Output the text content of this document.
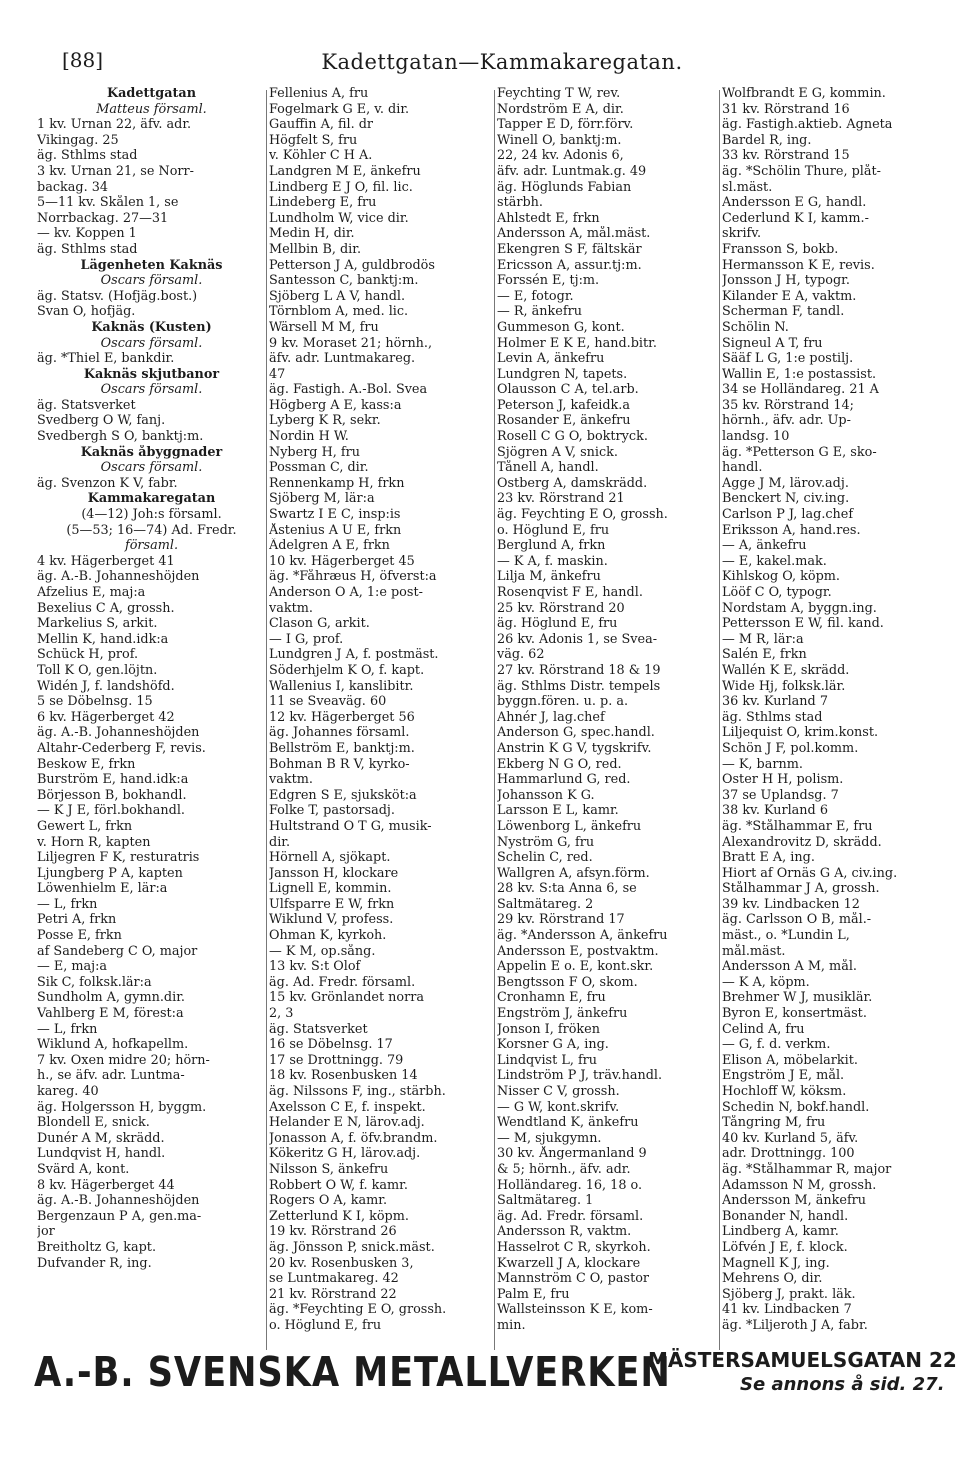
[88]	Kadettgatan—Kammakaregatan.
Kadettgatan
Matteus församl.
1 kv. Urnan 22, äfv. adr.
Vikingag. 25
äg. Sthlms stad
3 kv. Urnan 21, se Norr-
backag. 34
5—11 kv. Skålen 1, se
Norrbackag. 27—31
— kv. Koppen 1
äg. Sthlms stad
Lägenheten Kaknäs
Oscars församl.
äg. Statsv. (Hofjäg.bost.)
Svan O, hofjäg.
Kaknäs (Kusten)
Oscars församl.
äg. *Thiel E, bankdir.
Kaknäs skjutbanor
Oscars församl.
äg. Statsverket
Svedberg O W, fanj.
Svedbergh S O, banktj:m.
Kaknäs åbyggnader
Oscars församl.
äg. Svenzon K V, fabr.
Kammakaregatan
(4—12) Joh:s församl.
(5—53; 16—74) Ad. Fredr.
församl.
4 kv. Hägerberget 41
äg. A.-B. Johanneshöjden
Afzelius E, maj:a
Bexelius C A, grossh.
Markelius S, arkit.
Mellin K, hand.idk:a
Schück H, prof.
Toll K O, gen.löjtn.
Widén J, f. landshöfd.
5 se Döbelnsg. 15
6 kv. Hägerberget 42
äg. A.-B. Johanneshöjden
Altahr-Cederberg F, revis.
Beskow E, frkn
Burström E, hand.idk:a
Börjesson B, bokhandl.
— K J E, förl.bokhandl.
Gewert L, frkn
v. Horn R, kapten
Liljegren F K, resturatris
Ljungberg P A, kapten
Löwenhielm E, lär:a
— L, frkn
Petri A, frkn
Posse E, frkn
af Sandeberg C O, major
— E, maj:a
Sik C, folksk.lär:a
Sundholm A, gymn.dir.
Vahlberg E M, förest:a
— L, frkn
Wiklund A, hofkapellm.
7 kv. Oxen midre 20; hörn-
h., se äfv. adr. Luntma-
kareg. 40
äg. Holgersson H, byggm.
Blondell E, snick.
Dunér A M, skrädd.
Lundqvist H, handl.
Svärd A, kont.
8 kv. Hägerberget 44
äg. A.-B. Johanneshöjden
Bergenzaun P A, gen.ma-
jor
Breitholtz G, kapt.
Dufvander R, ing.
Fellenius A, fru
Fogelmark G E, v. dir.
Gauffin A, fil. dr
Högfelt S, fru
v. Köhler C H A.
Landgren M E, änkefru
Lindberg E J O, fil. lic.
Lindeberg E, fru
Lundholm W, vice dir.
Medin H, dir.
Mellbin B, dir.
Petterson J A, guldbrodös
Santesson C, banktj:m.
Sjöberg L A V, handl.
Törnblom A, med. lic.
Wärsell M M, fru
9 kv. Moraset 21; hörnh.,
äfv. adr. Luntmakareg.
47
äg. Fastigh. A.-Bol. Svea
Högberg A E, kass:a
Lyberg K R, sekr.
Nordin H W.
Nyberg H, fru
Possman C, dir.
Rennenkamp H, frkn
Sjöberg M, lär:a
Swartz I E C, insp:is
Åstenius A U E, frkn
Ädelgren A E, frkn
10 kv. Hägerberget 45
äg. *Fåhræus H, öfverst:a
Anderson O A, 1:e post-
vaktm.
Clason G, arkit.
— I G, prof.
Lundgren J A, f. postmäst.
Söderhjelm K O, f. kapt.
Wallenius I, kanslibitr.
11 se Sveaväg. 60
12 kv. Hägerberget 56
äg. Johannes församl.
Bellström E, banktj:m.
Bohman B R V, kyrko-
vaktm.
Edgren S E, sjuksköt:a
Folke T, pastorsadj.
Hultstrand O T G, musik-
dir.
Hörnell A, sjökapt.
Jansson H, klockare
Lignell E, kommin.
Ulfsparre E W, frkn
Wiklund V, profess.
Öhman K, kyrkoh.
— K M, op.sång.
13 kv. S:t Olof
äg. Ad. Fredr. församl.
15 kv. Grönlandet norra
2, 3
äg. Statsverket
16 se Döbelnsg. 17
17 se Drottningg. 79
18 kv. Rosenbusken 14
äg. Nilssons F, ing., stärbh.
Axelsson C E, f. inspekt.
Helander E N, lärov.adj.
Jonasson A, f. öfv.brandm.
Kökeritz G H, lärov.adj.
Nilsson S, änkefru
Robbert O W, f. kamr.
Rogers O A, kamr.
Zetterlund K I, köpm.
19 kv. Rörstrand 26
äg. Jönsson P, snick.mäst.
20 kv. Rosenbusken 3,
se Luntmakareg. 42
21 kv. Rörstrand 22
äg. *Feychting E O, grossh.
o. Höglund E, fru
Feychting T W, rev.
Nordström E A, dir.
Tapper E D, förr.förv.
Winell O, banktj:m.
22, 24 kv. Adonis 6,
äfv. adr. Luntmak.g. 49
äg. Höglunds Fabian
stärbh.
Ahlstedt E, frkn
Andersson A, mål.mäst.
Ekengren S F, fältskär
Ericsson A, assur.tj:m.
Forssén E, tj:m.
— E, fotogr.
— R, änkefru
Gummeson G, kont.
Holmer E K E, hand.bitr.
Levin A, änkefru
Lundgren N, tapets.
Olausson C A, tel.arb.
Peterson J, kafeidk.a
Rosander E, änkefru
Rosell C G O, boktryck.
Sjögren A V, snick.
Tånell A, handl.
Östberg A, damskrädd.
23 kv. Rörstrand 21
äg. Feychting E O, grossh.
o. Höglund E, fru
Berglund A, frkn
— K A, f. maskin.
Lilja M, änkefru
Rosenqvist F E, handl.
25 kv. Rörstrand 20
äg. Höglund E, fru
26 kv. Adonis 1, se Svea-
väg. 62
27 kv. Rörstrand 18 & 19
äg. Sthlms Distr. tempels
byggn.fören. u. p. a.
Ahnér J, lag.chef
Anderson G, spec.handl.
Anstrin K G V, tygskrifv.
Ekberg N G O, red.
Hammarlund G, red.
Johansson K G.
Larsson E L, kamr.
Löwenborg L, änkefru
Nyström G, fru
Schelin C, red.
Wallgren A, afsyn.förm.
28 kv. S:ta Anna 6, se
Saltmätareg. 2
29 kv. Rörstrand 17
äg. *Andersson A, änkefru
Andersson E, postvaktm.
Appelin E o. E, kont.skr.
Bengtsson F O, skom.
Cronhamn E, fru
Engström J, änkefru
Jonson I, fröken
Korsner G A, ing.
Lindqvist L, fru
Lindström P J, träv.handl.
Nisser C V, grossh.
— G W, kont.skrifv.
Wendtland K, änkefru
— M, sjukgymn.
30 kv. Ångermanland 9
& 5; hörnh., äfv. adr.
Holländareg. 16, 18 o.
Saltmätareg. 1
äg. Ad. Fredr. församl.
Andersson R, vaktm.
Hasselrot C R, skyrkoh.
Kwarzell J A, klockare
Mannström C O, pastor
Palm E, fru
Wallsteinsson K E, kom-
min.
Wolfbrandt E G, kommin.
31 kv. Rörstrand 16
äg. Fastigh.aktieb. Agneta
Bardel R, ing.
33 kv. Rörstrand 15
äg. *Schölin Thure, plåt-
sl.mäst.
Andersson E G, handl.
Cederlund K I, kamm.-
skrifv.
Fransson S, bokb.
Hermansson K E, revis.
Jonsson J H, typogr.
Kilander E A, vaktm.
Scherman F, tandl.
Schölin N.
Signeul A T, fru
Sääf L G, 1:e postilj.
Wallin E, 1:e postassist.
34 se Holländareg. 21 A
35 kv. Rörstrand 14;
hörnh., äfv. adr. Up-
landsg. 10
äg. *Petterson G E, sko-
handl.
Agge J M, lärov.adj.
Benckert N, civ.ing.
Carlson P J, lag.chef
Eriksson A, hand.res.
— A, änkefru
— E, kakel.mak.
Kihlskog O, köpm.
Lööf C O, typogr.
Nordstam A, byggn.ing.
Pettersson E W, fil. kand.
— M R, lär:a
Salén E, frkn
Wallén K E, skrädd.
Wide Hj, folksk.lär.
36 kv. Kurland 7
äg. Sthlms stad
Liljequist O, krim.konst.
Schön J F, pol.komm.
— K, barnm.
Öster H H, polism.
37 se Uplandsg. 7
38 kv. Kurland 6
äg. *Stålhammar E, fru
Alexandrovitz D, skrädd.
Bratt E A, ing.
Hiort af Ornäs G A, civ.ing.
Stålhammar J A, grossh.
39 kv. Lindbacken 12
äg. Carlsson O B, mål.-
mäst., o. *Lundin L,
mål.mäst.
Andersson A M, mål.
— K A, köpm.
Brehmer W J, musiklär.
Byron E, konsertmäst.
Celind A, fru
— G, f. d. verkm.
Elison A, möbelarkit.
Engström J E, mål.
Hochloff W, köksm.
Schedin N, bokf.handl.
Tångring M, fru
40 kv. Kurland 5, äfv.
adr. Drottningg. 100
äg. *Stålhammar R, major
Adamsson N M, grossh.
Andersson M, änkefru
Bonander N, handl.
Lindberg A, kamr.
Löfvén J E, f. klock.
Magnell K J, ing.
Mehrens O, dir.
Sjöberg J, prakt. läk.
41 kv. Lindbacken 7
äg. *Liljeroth J A, fabr.
A.-B. SVENSKA METALLVERKEN
MÄSTERSAMUELSGATAN 22
Se annons å sid. 27.
